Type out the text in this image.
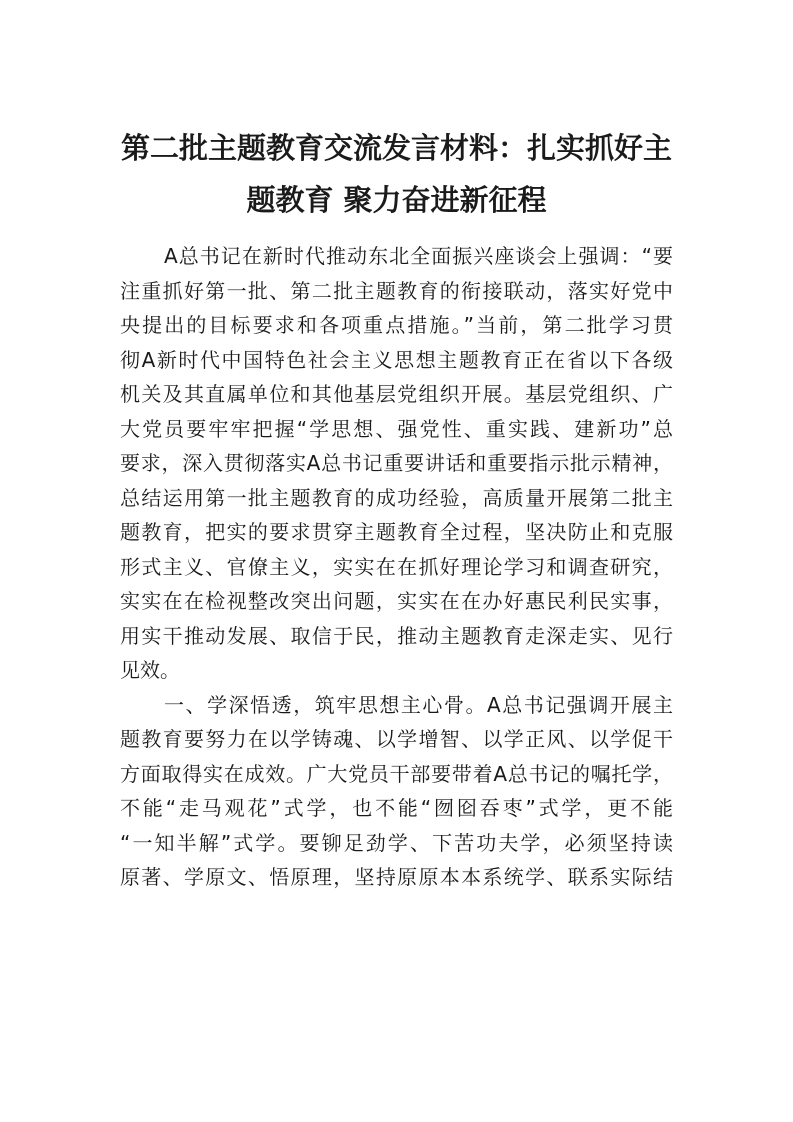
第二批主题教育交流发言材料：扎实抓好主
题教育 聚力奋进新征程
A总书记在新时代推动东北全面振兴座谈会上强调：“要
注重抓好第一批、第二批主题教育的衔接联动，落实好党中
央提出的目标要求和各项重点措施。”当前，第二批学习贯
彻A新时代中国特色社会主义思想主题教育正在省以下各级
机关及其直属单位和其他基层党组织开展。基层党组织、广
大党员要牢牢把握“学思想、强党性、重实践、建新功”总
要求，深入贯彻落实A总书记重要讲话和重要指示批示精神，
总结运用第一批主题教育的成功经验，高质量开展第二批主
题教育，把实的要求贯穿主题教育全过程，坚决防止和克服
形式主义、官僚主义，实实在在抓好理论学习和调查研究，
实实在在检视整改突出问题，实实在在办好惠民利民实事，
用实干推动发展、取信于民，推动主题教育走深走实、见行
见效。
一、学深悟透，筑牢思想主心骨。A总书记强调开展主
题教育要努力在以学铸魂、以学增智、以学正风、以学促干
方面取得实在成效。广大党员干部要带着A总书记的嘱托学，
不能“走马观花”式学，也不能“囫囵吞枣”式学，更不能
“一知半解”式学。要铆足劲学、下苦功夫学，必须坚持读
原著、学原文、悟原理，坚持原原本本系统学、联系实际结
